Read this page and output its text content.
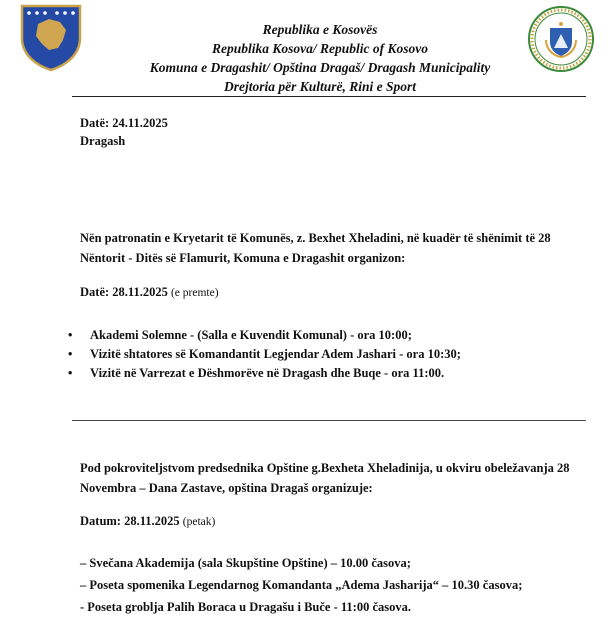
Republika e Kosovës
Republika Kosova/ Republic of Kosovo
Komuna e Dragashit/ Opština Dragaš/ Dragash Municipality
Drejtoria për Kulturë, Rini e Sport
Datë: 24.11.2025
Dragash
Nën patronatin e Kryetarit të Komunës, z. Bexhet Xheladini, në kuadër të shënimit të 28 Nëntorit - Ditës së Flamurit, Komuna e Dragashit organizon:
Datë: 28.11.2025 (e premte)
• Akademi Solemne - (Salla e Kuvendit Komunal) - ora 10:00;
• Vizitë shtatores së Komandantit Legjendar Adem Jashari - ora 10:30;
• Vizitë në Varrezat e Dëshmorëve në Dragash dhe Buqe - ora 11:00.
Pod pokroviteljstvom predsednika Opštine g.Bexheta Xheladinija, u okviru obeležavanja 28 Novembra – Dana Zastave, opština Dragaš organizuje:
Datum: 28.11.2025 (petak)
– Svečana Akademija (sala Skupštine Opštine) – 10.00 časova;
– Poseta spomenika Legendarnog Komandanta „Adema Jasharija“ – 10.30 časova;
- Poseta groblja Palih Boraca u Dragašu i Buče - 11:00 časova.
